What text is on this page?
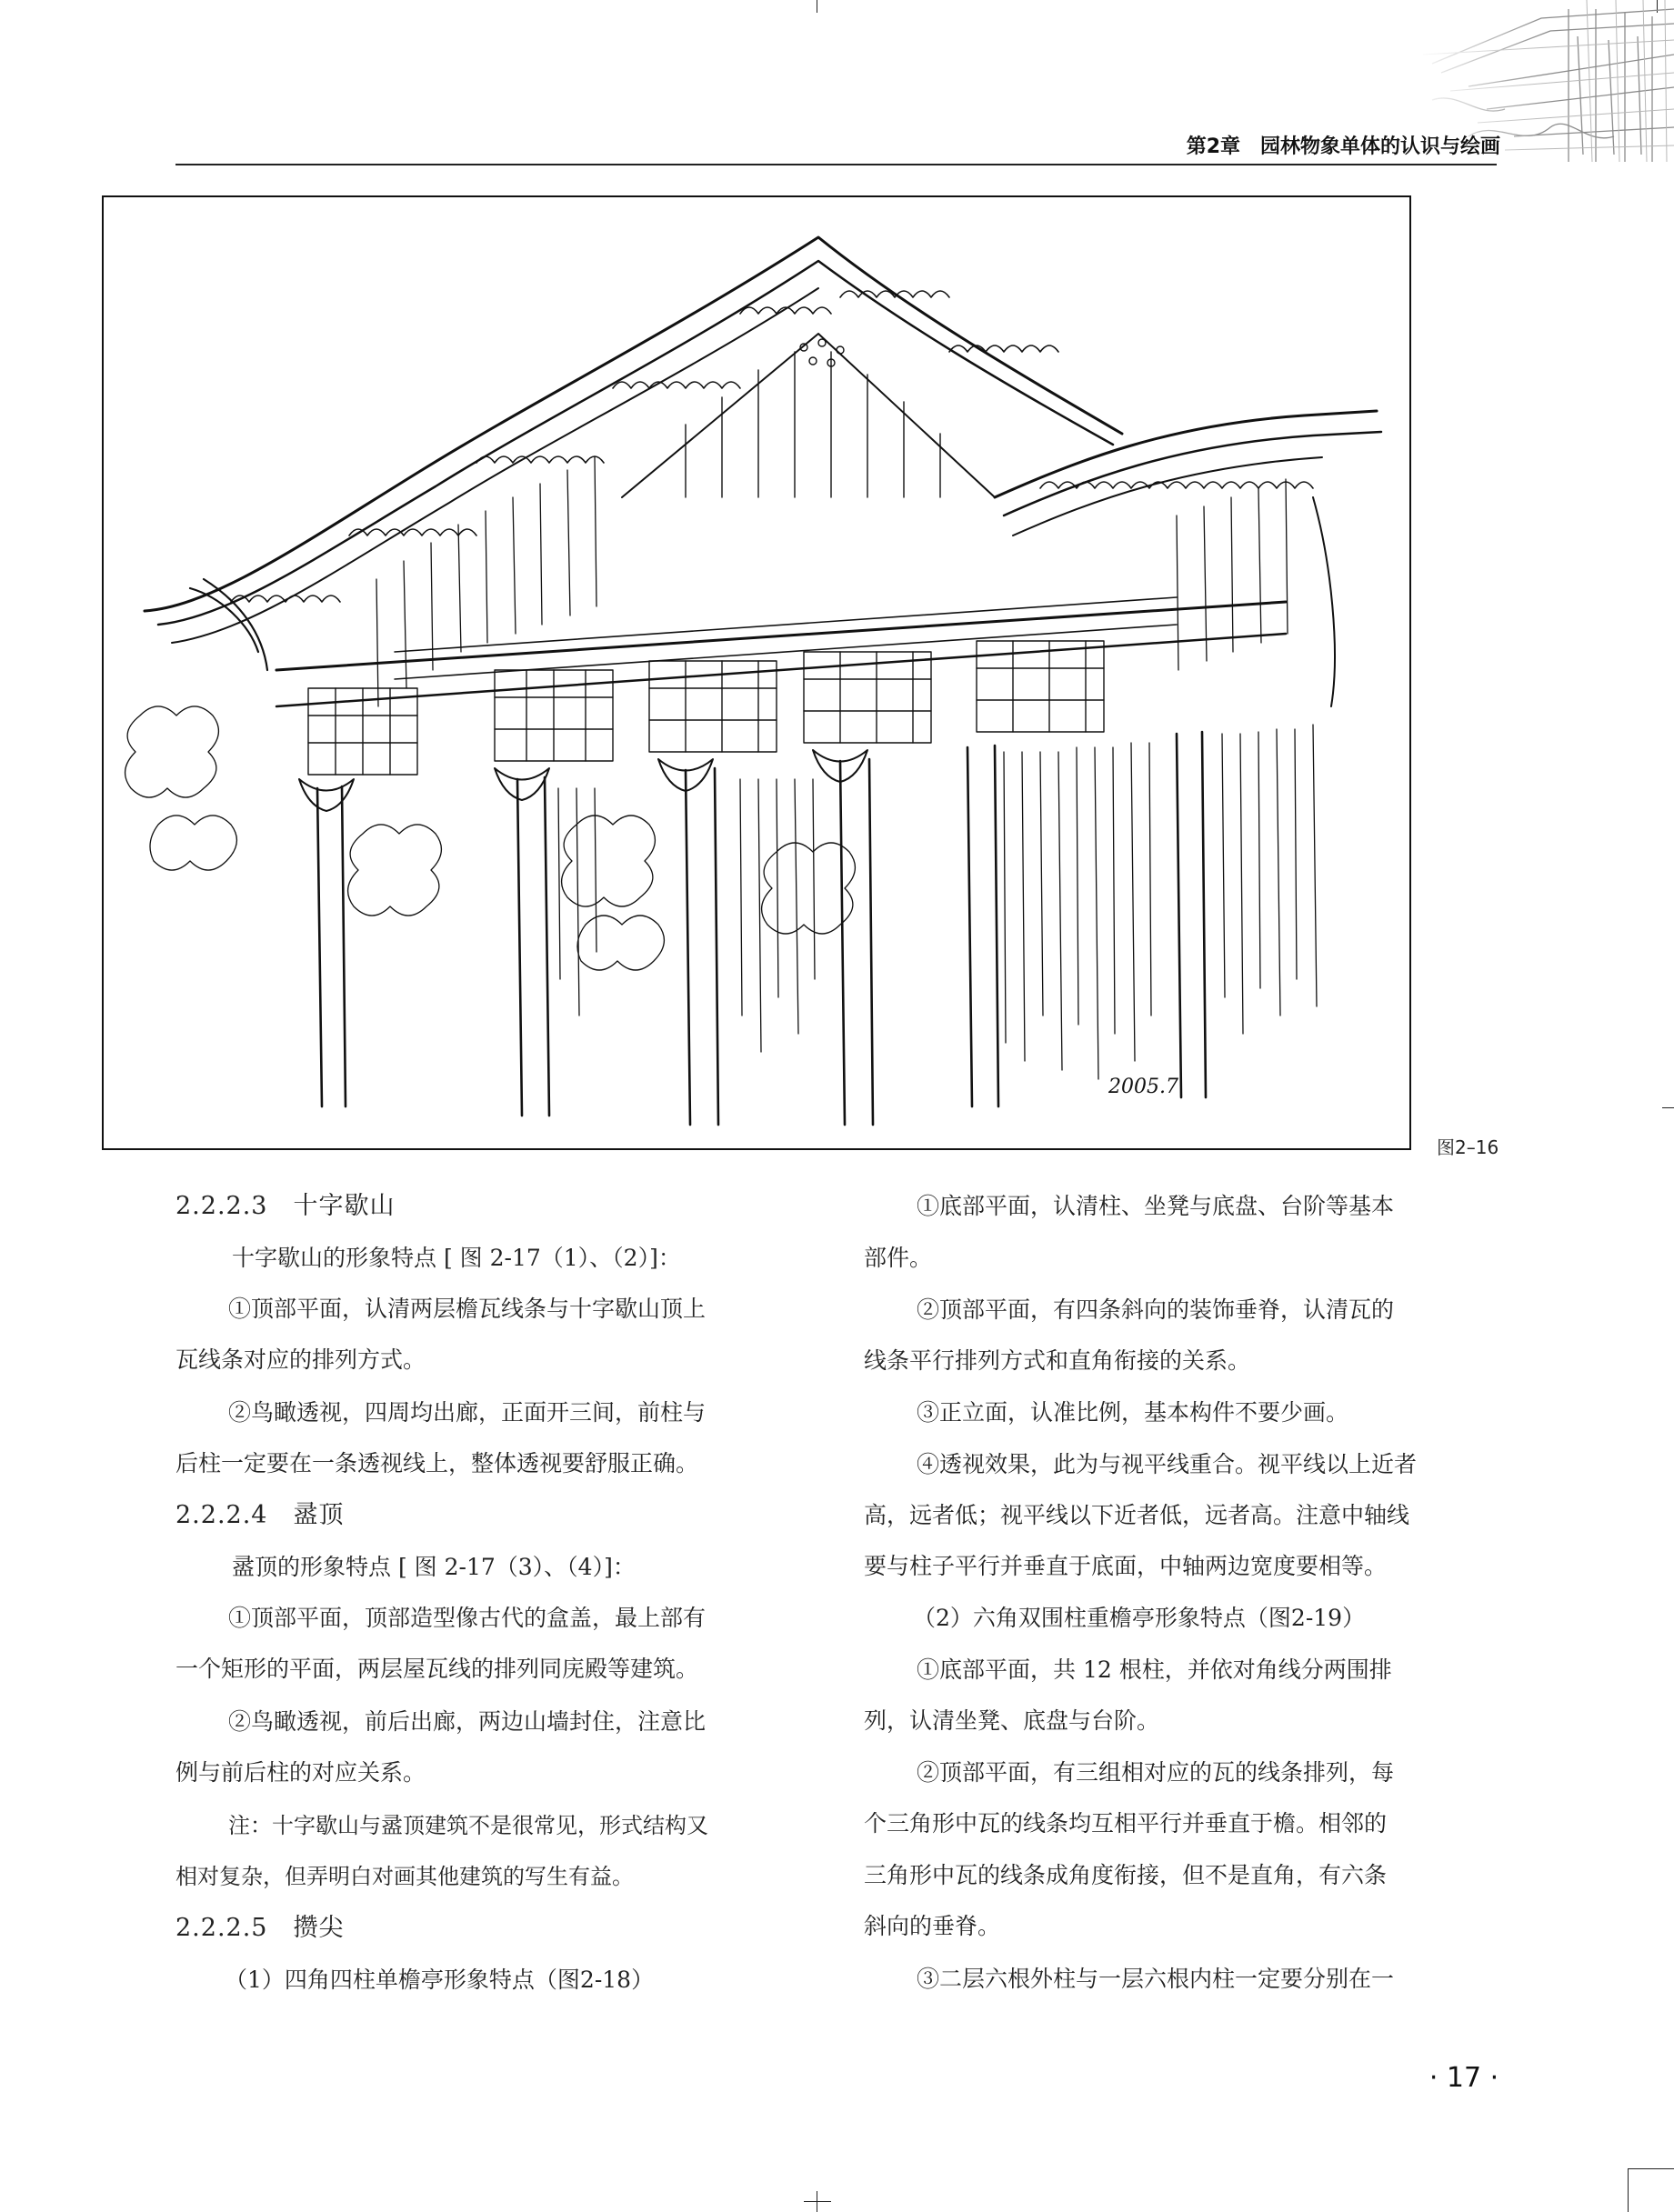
第2章　园林物象单体的认识与绘画
2005.7
图2–16
2.2.2.3　十字歇山
十字歇山的形象特点 [ 图 2-17（1）、（2）]：
①顶部平面，认清两层檐瓦线条与十字歇山顶上
瓦线条对应的排列方式。
②鸟瞰透视，四周均出廊，正面开三间，前柱与
后柱一定要在一条透视线上，整体透视要舒服正确。
2.2.2.4　盝顶
盝顶的形象特点 [ 图 2-17（3）、（4）]：
①顶部平面，顶部造型像古代的盒盖，最上部有
一个矩形的平面，两层屋瓦线的排列同庑殿等建筑。
②鸟瞰透视，前后出廊，两边山墙封住，注意比
例与前后柱的对应关系。
注：十字歇山与盝顶建筑不是很常见，形式结构又
相对复杂，但弄明白对画其他建筑的写生有益。
2.2.2.5　攒尖
（1）四角四柱单檐亭形象特点（图2-18）
①底部平面，认清柱、坐凳与底盘、台阶等基本
部件。
②顶部平面，有四条斜向的装饰垂脊，认清瓦的
线条平行排列方式和直角衔接的关系。
③正立面，认准比例，基本构件不要少画。
④透视效果，此为与视平线重合。视平线以上近者
高，远者低；视平线以下近者低，远者高。注意中轴线
要与柱子平行并垂直于底面，中轴两边宽度要相等。
（2）六角双围柱重檐亭形象特点（图2-19）
①底部平面，共 12 根柱，并依对角线分两围排
列，认清坐凳、底盘与台阶。
②顶部平面，有三组相对应的瓦的线条排列，每
个三角形中瓦的线条均互相平行并垂直于檐。相邻的
三角形中瓦的线条成角度衔接，但不是直角，有六条
斜向的垂脊。
③二层六根外柱与一层六根内柱一定要分别在一
· 17 ·
